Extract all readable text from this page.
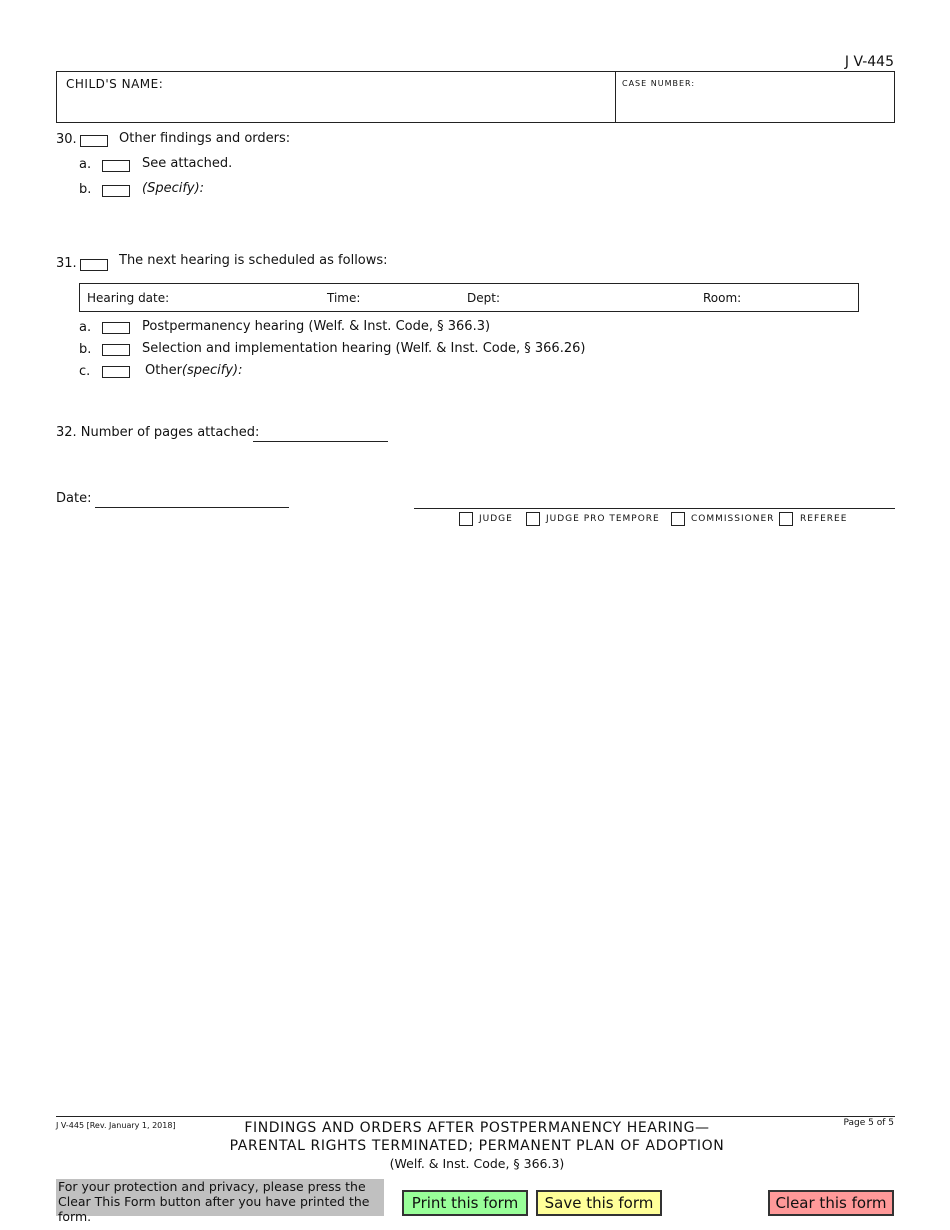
J V-445
CHILD'S NAME:	CASE NUMBER:
30.	Other findings and orders:
a.	See attached.
b.	(Specify):
31.	The next hearing is scheduled as follows:
Hearing date:	Time:	Dept:	Room:
a.	Postpermanency hearing (Welf. & Inst. Code, § 366.3)
b.	Selection and implementation hearing (Welf. & Inst. Code, § 366.26)
c.	Other(specify):
32. Number of pages attached:
Date:
JUDGE	JUDGE PRO TEMPORE	COMMISSIONER	REFEREE
J V-445 [Rev. January 1, 2018]	FINDINGS AND ORDERS AFTER POSTPERMANENCY HEARING—
PARENTAL RIGHTS TERMINATED; PERMANENT PLAN OF ADOPTION
(Welf. & Inst. Code, § 366.3)
Page 5 of 5
For your protection and privacy, please press the Clear This Form button after you have printed the form.
Print this form	Save this form	Clear this form
